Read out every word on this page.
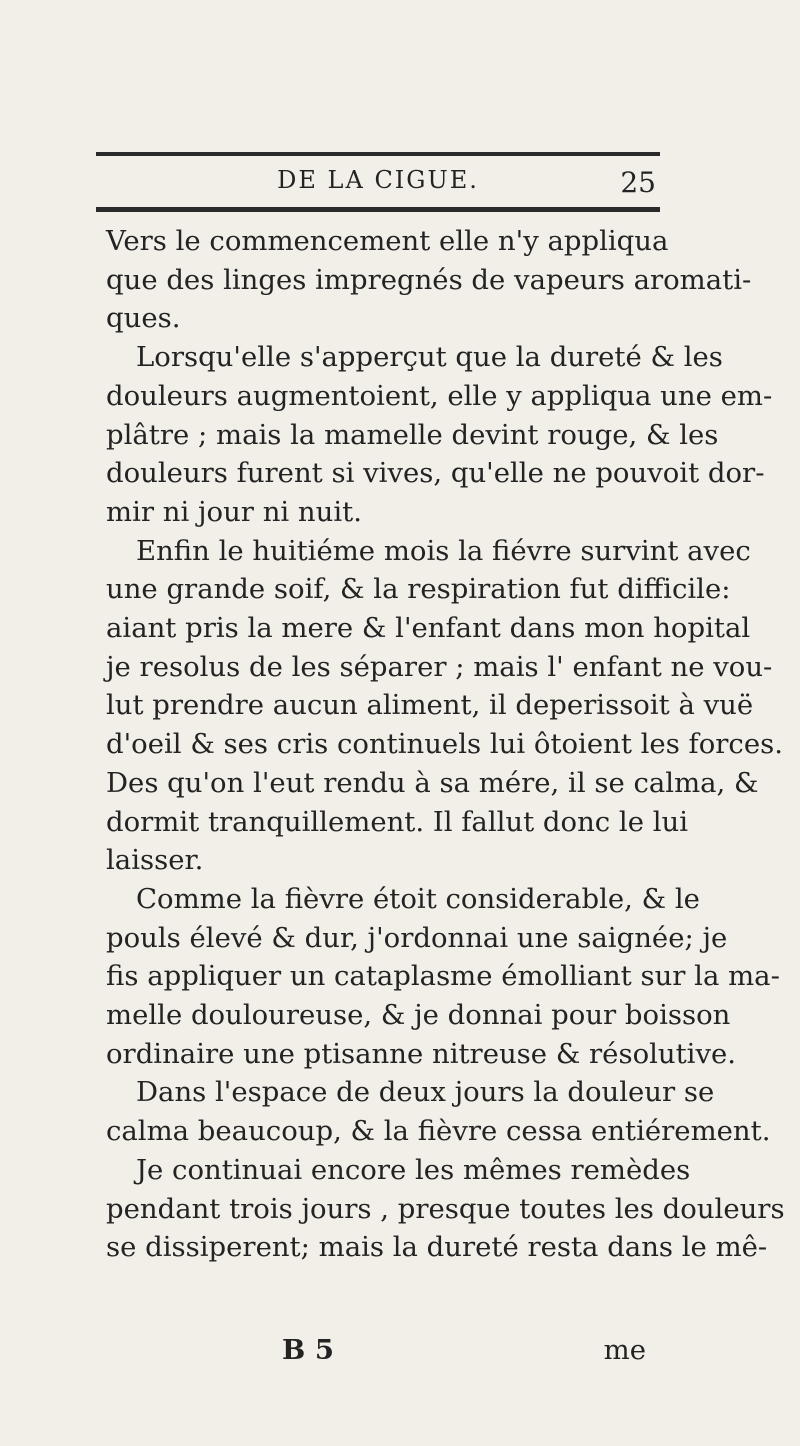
DE LA CIGUE.	25
Vers le commencement elle n'y appliqua
que des linges impregnés de vapeurs aromati-
ques.
Lorsqu'elle s'apperçut que la dureté & les
douleurs augmentoient, elle y appliqua une em-
plâtre ; mais la mamelle devint rouge, & les
douleurs furent si vives, qu'elle ne pouvoit dor-
mir ni jour ni nuit.
Enfin le huitiéme mois la fiévre survint avec
une grande soif, & la respiration fut difficile:
aiant pris la mere & l'enfant dans mon hopital
je resolus de les séparer ; mais l' enfant ne vou-
lut prendre aucun aliment, il deperissoit à vuë
d'oeil & ses cris continuels lui ôtoient les forces.
Des qu'on l'eut rendu à sa mére, il se calma, &
dormit tranquillement. Il fallut donc le lui
laisser.
Comme la fièvre étoit considerable, & le
pouls élevé & dur, j'ordonnai une saignée; je
fis appliquer un cataplasme émolliant sur la ma-
melle douloureuse, & je donnai pour boisson
ordinaire une ptisanne nitreuse & résolutive.
Dans l'espace de deux jours la douleur se
calma beaucoup, & la fièvre cessa entiérement.
Je continuai encore les mêmes remèdes
pendant trois jours , presque toutes les douleurs
se dissiperent; mais la dureté resta dans le mê-
B 5	me
